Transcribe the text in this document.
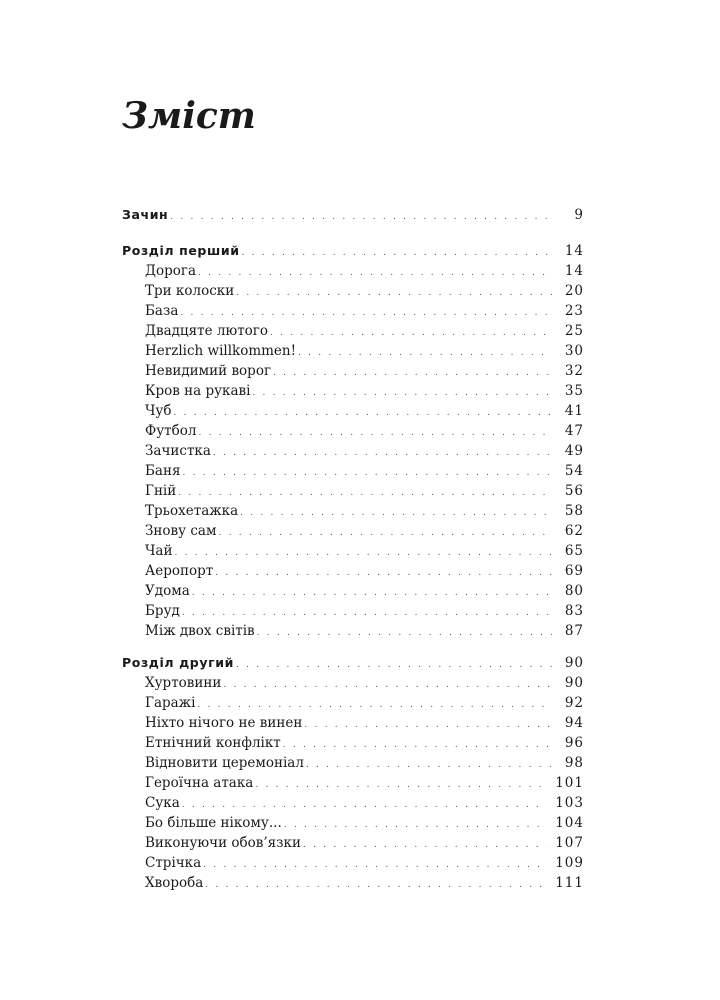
Зміст
Зачин . . .	9
Розділ перший . . .	14
Дорога . . .	14
Три колоски . . .	20
База . . .	23
Двадцяте лютого . . .	25
Herzlich willkommen! . . .	30
Невидимий ворог . . .	32
Кров на рукаві . . .	35
Чуб . . .	41
Футбол . . .	47
Зачистка . . .	49
Баня . . .	54
Гній . . .	56
Трьохетажка . . .	58
Знову сам . . .	62
Чай . . .	65
Аеропорт . . .	69
Удома . . .	80
Бруд . . .	83
Між двох світів . . .	87
Розділ другий . . .	90
Хуртовини . . .	90
Гаражі . . .	92
Ніхто нічого не винен . . .	94
Етнічний конфлікт . . .	96
Відновити церемоніал . . .	98
Героїчна атака . . .	101
Сука . . .	103
Бо більше нікому... . . .	104
Виконуючи обов’язки . . .	107
Стрічка . . .	109
Хвороба . . .	111
